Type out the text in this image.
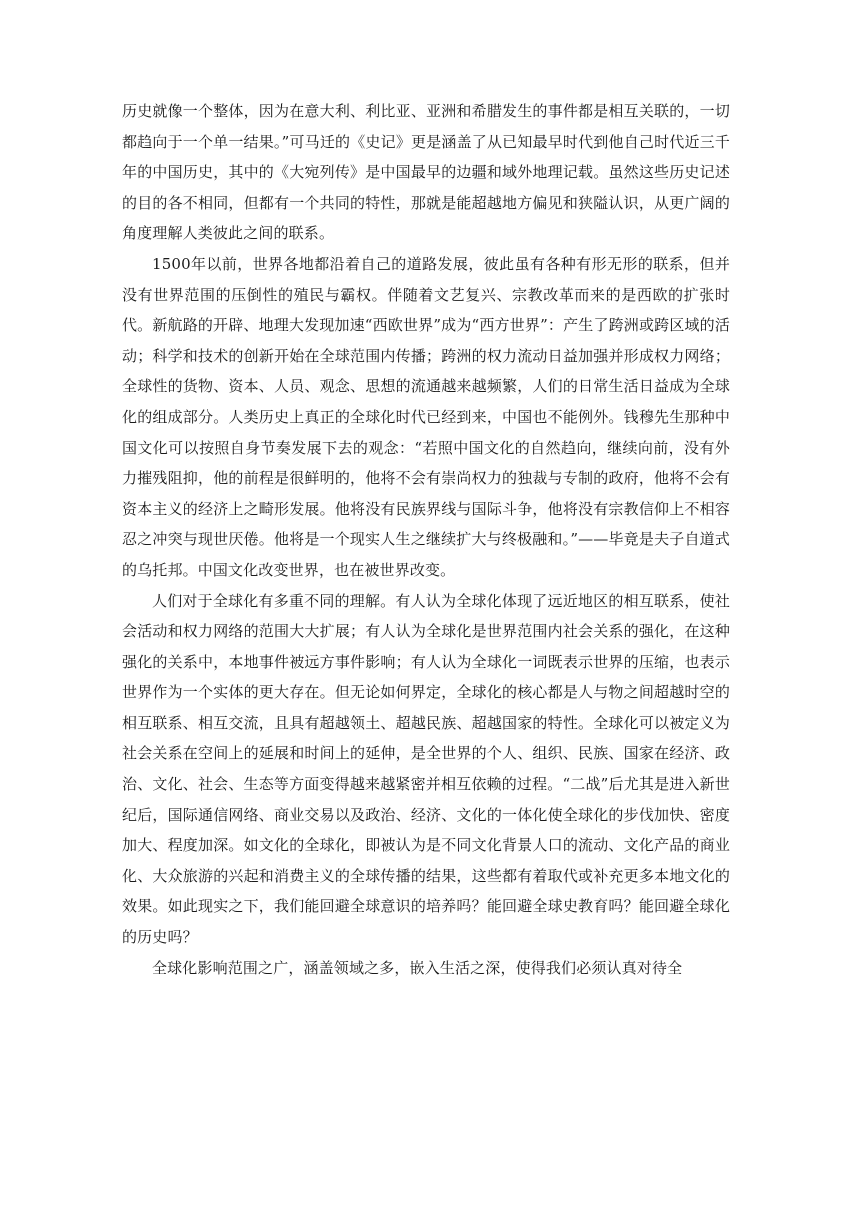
历史就像一个整体，因为在意大利、利比亚、亚洲和希腊发生的事件都是相互关联的，一切都趋向于一个单一结果。”可马迁的《史记》更是涵盖了从已知最早时代到他自己时代近三千年的中国历史，其中的《大宛列传》是中国最早的边疆和域外地理记载。虽然这些历史记述的目的各不相同，但都有一个共同的特性，那就是能超越地方偏见和狭隘认识，从更广阔的角度理解人类彼此之间的联系。

1500年以前，世界各地都沿着自己的道路发展，彼此虽有各种有形无形的联系，但并没有世界范围的压倒性的殖民与霸权。伴随着文艺复兴、宗教改革而来的是西欧的扩张时代。新航路的开辟、地理大发现加速“西欧世界”成为“西方世界”：产生了跨洲或跨区域的活动；科学和技术的创新开始在全球范围内传播；跨洲的权力流动日益加强并形成权力网络；全球性的货物、资本、人员、观念、思想的流通越来越频繁，人们的日常生活日益成为全球化的组成部分。人类历史上真正的全球化时代已经到来，中国也不能例外。钱穆先生那种中国文化可以按照自身节奏发展下去的观念：“若照中国文化的自然趋向，继续向前，没有外力摧残阻抑，他的前程是很鲜明的，他将不会有崇尚权力的独裁与专制的政府，他将不会有资本主义的经济上之畸形发展。他将没有民族界线与国际斗争，他将没有宗教信仰上不相容忍之冲突与现世厌倦。他将是一个现实人生之继续扩大与终极融和。”——毕竟是夫子自道式的乌托邦。中国文化改变世界，也在被世界改变。

人们对于全球化有多重不同的理解。有人认为全球化体现了远近地区的相互联系，使社会活动和权力网络的范围大大扩展；有人认为全球化是世界范围内社会关系的强化，在这种强化的关系中，本地事件被远方事件影响；有人认为全球化一词既表示世界的压缩，也表示世界作为一个实体的更大存在。但无论如何界定，全球化的核心都是人与物之间超越时空的相互联系、相互交流，且具有超越领土、超越民族、超越国家的特性。全球化可以被定义为社会关系在空间上的延展和时间上的延伸，是全世界的个人、组织、民族、国家在经济、政治、文化、社会、生态等方面变得越来越紧密并相互依赖的过程。“二战”后尤其是进入新世纪后，国际通信网络、商业交易以及政治、经济、文化的一体化使全球化的步伐加快、密度加大、程度加深。如文化的全球化，即被认为是不同文化背景人口的流动、文化产品的商业化、大众旅游的兴起和消费主义的全球传播的结果，这些都有着取代或补充更多本地文化的效果。如此现实之下，我们能回避全球意识的培养吗？能回避全球史教育吗？能回避全球化的历史吗？

全球化影响范围之广，涵盖领域之多，嵌入生活之深，使得我们必须认真对待全
